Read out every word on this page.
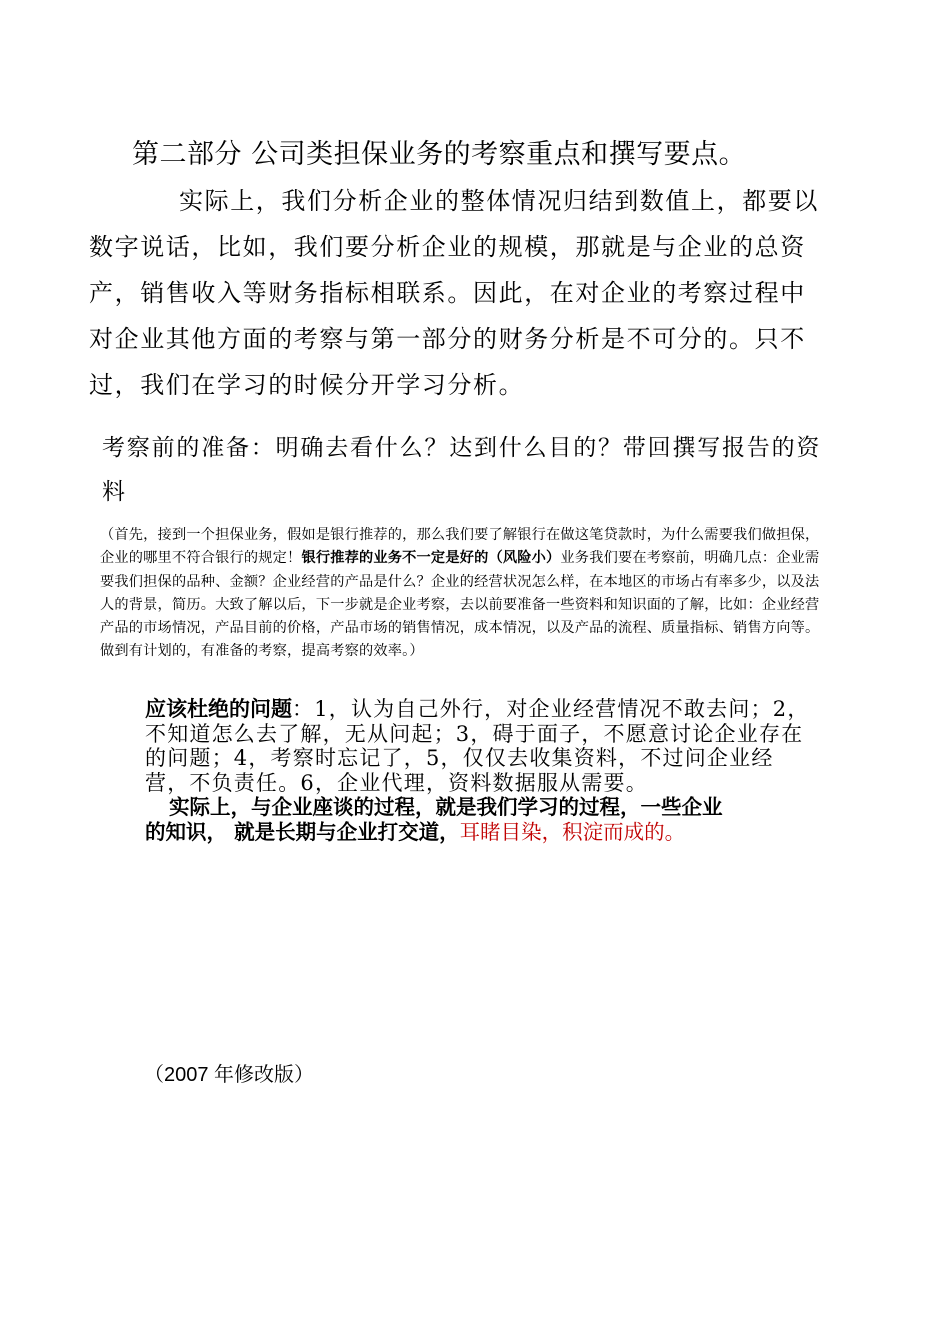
第二部分 公司类担保业务的考察重点和撰写要点。
实际上，我们分析企业的整体情况归结到数值上，都要以
数字说话，比如，我们要分析企业的规模，那就是与企业的总资产，销售收入等财务指标相联系。因此，在对企业的考察过程中对企业其他方面的考察与第一部分的财务分析是不可分的。只不过，我们在学习的时候分开学习分析。
考察前的准备：明确去看什么？达到什么目的？带回撰写报告的资料
（首先，接到一个担保业务，假如是银行推荐的，那么我们要了解银行在做这笔贷款时，为什么需要我们做担保，企业的哪里不符合银行的规定！银行推荐的业务不一定是好的（风险小）业务我们要在考察前，明确几点：企业需要我们担保的品种、金额？企业经营的产品是什么？企业的经营状况怎么样，在本地区的市场占有率多少，以及法人的背景，简历。大致了解以后，下一步就是企业考察，去以前要准备一些资料和知识面的了解，比如：企业经营产品的市场情况，产品目前的价格，产品市场的销售情况，成本情况，以及产品的流程、质量指标、销售方向等。做到有计划的，有准备的考察，提高考察的效率。）
应该杜绝的问题：1，认为自己外行，对企业经营情况不敢去问；2，不知道怎么去了解，无从问起；3，碍于面子，不愿意讨论企业存在的问题；4，考察时忘记了，5，仅仅去收集资料，不过问企业经营，不负责任。6，企业代理，资料数据服从需要。
实际上，与企业座谈的过程，就是我们学习的过程，一些企业
的知识， 就是长期与企业打交道，耳睹目染，积淀而成的。
（2007 年修改版）
